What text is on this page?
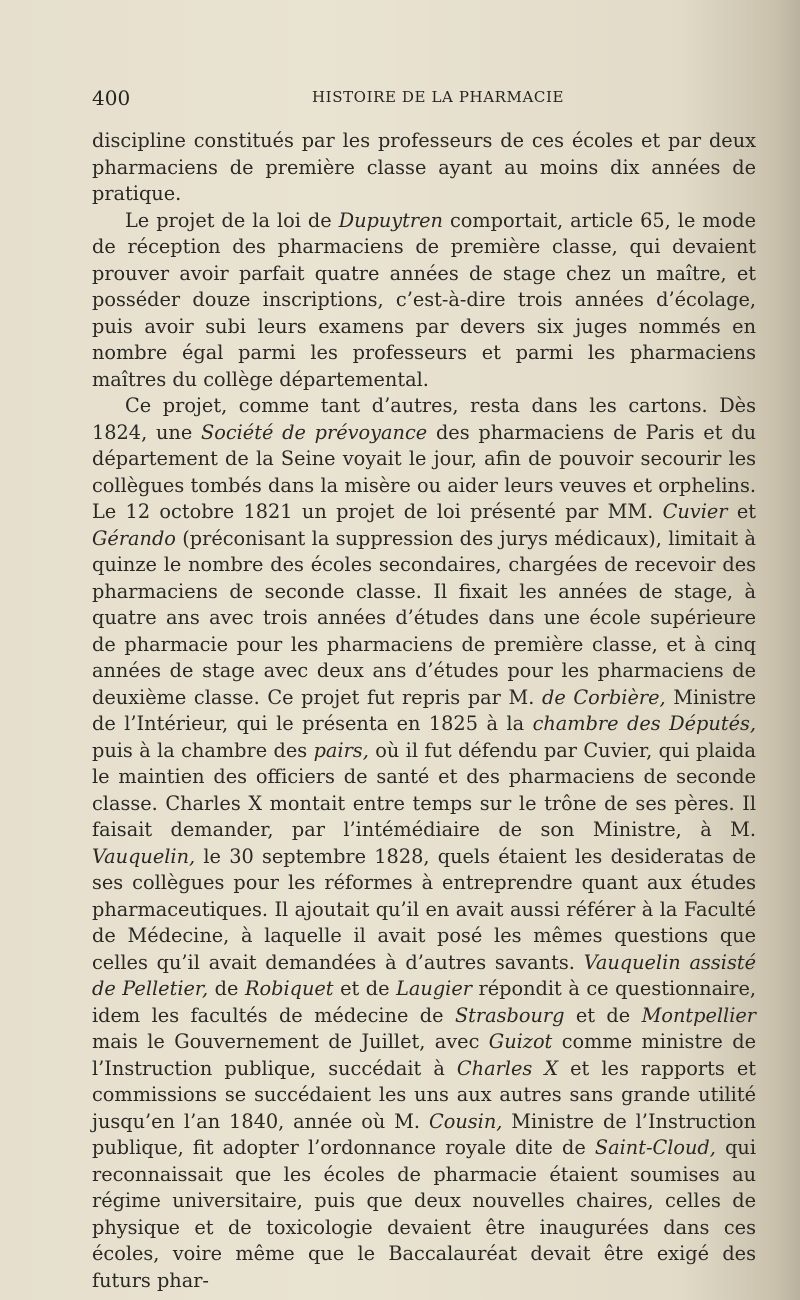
400	HISTOIRE DE LA PHARMACIE

discipline constitués par les professeurs de ces écoles et par deux pharmaciens de première classe ayant au moins dix années de pratique.

Le projet de la loi de Dupuytren comportait, article 65, le mode de réception des pharmaciens de première classe, qui devaient prouver avoir parfait quatre années de stage chez un maître, et posséder douze inscriptions, c’est-à-dire trois années d’écolage, puis avoir subi leurs examens par devers six juges nommés en nombre égal parmi les professeurs et parmi les pharmaciens maîtres du collège départemental.

Ce projet, comme tant d’autres, resta dans les cartons. Dès 1824, une Société de prévoyance des pharmaciens de Paris et du département de la Seine voyait le jour, afin de pouvoir secourir les collègues tombés dans la misère ou aider leurs veuves et orphelins. Le 12 octobre 1821 un projet de loi présenté par MM. Cuvier et Gérando (préconisant la suppression des jurys médicaux), limitait à quinze le nombre des écoles secondaires, chargées de recevoir des pharmaciens de seconde classe. Il fixait les années de stage, à quatre ans avec trois années d’études dans une école supérieure de pharmacie pour les pharmaciens de première classe, et à cinq années de stage avec deux ans d’études pour les pharmaciens de deuxième classe. Ce projet fut repris par M. de Corbière, Ministre de l’Intérieur, qui le présenta en 1825 à la chambre des Députés, puis à la chambre des pairs, où il fut défendu par Cuvier, qui plaida le maintien des officiers de santé et des pharmaciens de seconde classe. Charles X montait entre temps sur le trône de ses pères. Il faisait demander, par l’intémédiaire de son Ministre, à M. Vauquelin, le 30 septembre 1828, quels étaient les desideratas de ses collègues pour les réformes à entreprendre quant aux études pharmaceutiques. Il ajoutait qu’il en avait aussi référer à la Faculté de Médecine, à laquelle il avait posé les mêmes questions que celles qu’il avait demandées à d’autres savants. Vauquelin assisté de Pelletier, de Robiquet et de Laugier répondit à ce questionnaire, idem les facultés de médecine de Strasbourg et de Montpellier mais le Gouvernement de Juillet, avec Guizot comme ministre de l’Instruction publique, succédait à Charles X et les rapports et commissions se succédaient les uns aux autres sans grande utilité jusqu’en l’an 1840, année où M. Cousin, Ministre de l’Instruction publique, fit adopter l’ordonnance royale dite de Saint-Cloud, qui reconnaissait que les écoles de pharmacie étaient soumises au régime universitaire, puis que deux nouvelles chaires, celles de physique et de toxicologie devaient être inaugurées dans ces écoles, voire même que le Baccalauréat devait être exigé des futurs phar-
